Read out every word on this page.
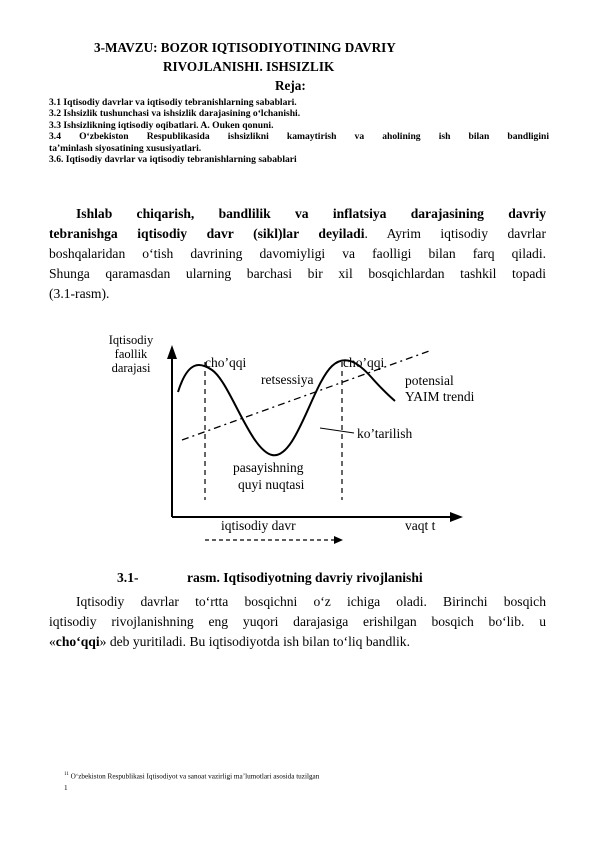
3-MAVZU: BOZOR IQTISODIYOTINING DAVRIY
RIVOJLANISHI. ISHSIZLIK
Reja:
3.1 Iqtisodiy davrlar va iqtisodiy tebranishlarning sabablari.
3.2 Ishsizlik tushunchasi va ishsizlik darajasining o‘lchanishi.
3.3 Ishsizlikning iqtisodiy oqibatlari. A. Ouken qonuni.
3.4 O‘zbekiston Respublikasida ishsizlikni kamaytirish va aholining ish bilan bandligini
ta’minlash siyosatining xususiyatlari.
3.6. Iqtisodiy davrlar va iqtisodiy tebranishlarning sabablari
Ishlab chiqarish, bandlilik va inflatsiya darajasining davriy
tebranishga iqtisodiy davr (sikl)lar deyiladi. Ayrim iqtisodiy davrlar
boshqalaridan o‘tish davrining davomiyligi va faolligi bilan farq qiladi.
Shunga qaramasdan ularning barchasi bir xil bosqichlardan tashkil topadi
(3.1-rasm).
Iqtisodiy
faollik
darajasi	cho’qqi	cho’qqi
retsessiya	potensial
YAIM trendi
ko’tarilish
pasayishning
quyi nuqtasi
iqtisodiy davr	vaqt t
3.1-	rasm. Iqtisodiyotning davriy rivojlanishi
Iqtisodiy davrlar to‘rtta bosqichni o‘z ichiga oladi. Birinchi bosqich
iqtisodiy rivojlanishning eng yuqori darajasiga erishilgan bosqich bo‘lib. u
«cho‘qqi» deb yuritiladi. Bu iqtisodiyotda ish bilan to‘liq bandlik.
$^{11}$ O‘zbekiston Respublikasi Iqtisodiyot va sanoat vazirligi ma’lumotlari asosida tuzilgan
1
